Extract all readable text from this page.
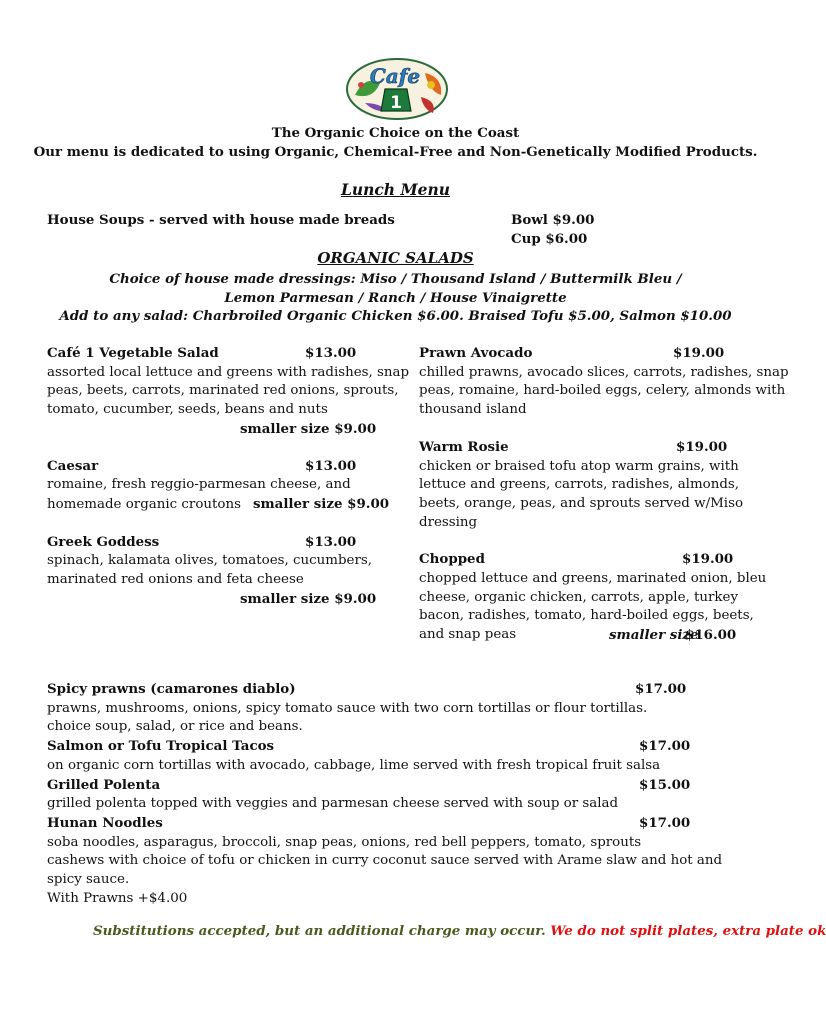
1
Cafe
The Organic Choice on the Coast
Our menu is dedicated to using Organic, Chemical-Free and Non-Genetically Modified Products.
Lunch Menu
House Soups - served with house made breads	Bowl $9.00
Cup $6.00
ORGANIC SALADS
Choice of house made dressings: Miso / Thousand Island / Buttermilk Bleu /
Lemon Parmesan / Ranch / House Vinaigrette
Add to any salad: Charbroiled Organic Chicken $6.00. Braised Tofu $5.00, Salmon $10.00
Café 1 Vegetable Salad	$13.00
assorted local lettuce and greens with radishes, snap
peas, beets, carrots, marinated red onions, sprouts,
tomato, cucumber, seeds, beans and nuts
smaller size $9.00
Caesar	$13.00
romaine, fresh reggio-parmesan cheese, and
homemade organic croutons smaller size $9.00
Greek Goddess	$13.00
spinach, kalamata olives, tomatoes, cucumbers,
marinated red onions and feta cheese
smaller size $9.00
Prawn Avocado	$19.00
chilled prawns, avocado slices, carrots, radishes, snap
peas, romaine, hard-boiled eggs, celery, almonds with
thousand island
Warm Rosie	$19.00
chicken or braised tofu atop warm grains, with
lettuce and greens, carrots, radishes, almonds,
beets, orange, peas, and sprouts served w/Miso
dressing
Chopped	$19.00
chopped lettuce and greens, marinated onion, bleu
cheese, organic chicken, carrots, apple, turkey
bacon, radishes, tomato, hard-boiled eggs, beets,
and snap peas	smaller size
$16.00
Spicy prawns (camarones diablo)	$17.00
prawns, mushrooms, onions, spicy tomato sauce with two corn tortillas or flour tortillas.
choice soup, salad, or rice and beans.
Salmon or Tofu Tropical Tacos	$17.00
on organic corn tortillas with avocado, cabbage, lime served with fresh tropical fruit salsa
Grilled Polenta	$15.00
grilled polenta topped with veggies and parmesan cheese served with soup or salad
Hunan Noodles	$17.00
soba noodles, asparagus, broccoli, snap peas, onions, red bell peppers, tomato, sprouts
cashews with choice of tofu or chicken in curry coconut sauce served with Arame slaw and hot and
spicy sauce.
With Prawns +$4.00
Substitutions accepted, but an additional charge may occur. We do not split plates, extra plate ok
